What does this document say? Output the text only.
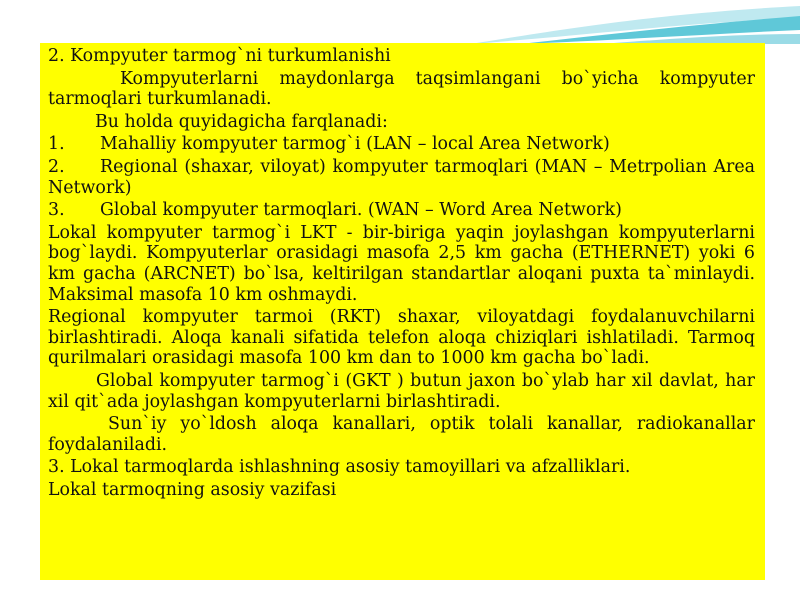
2. Kompyuter tarmog`ni turkumlanishi

Kompyuterlarni maydonlarga taqsimlangani bo`yicha kompyuter tarmoqlari turkumlanadi.

Bu holda quyidagicha farqlanadi:

1. Mahalliy kompyuter tarmog`i (LAN – local Area Network)

2. Regional (shaxar, viloyat) kompyuter tarmoqlari (MAN – Metrpolian Area Network)

3. Global kompyuter tarmoqlari. (WAN – Word Area Network)

Lokal kompyuter tarmog`i LKT - bir-biriga yaqin joylashgan kompyuterlarni bog`laydi. Kompyuterlar orasidagi masofa 2,5 km gacha (ETHERNET) yoki 6 km gacha (ARCNET) bo`lsa, keltirilgan standartlar aloqani puxta ta`minlaydi. Maksimal masofa 10 km oshmaydi.

Regional kompyuter tarmoi (RKT) shaxar, viloyatdagi foydalanuvchilarni birlashtiradi. Aloqa kanali sifatida telefon aloqa chiziqlari ishlatiladi. Tarmoq qurilmalari orasidagi masofa 100 km dan to 1000 km gacha bo`ladi.

Global kompyuter tarmog`i (GKT ) butun jaxon bo`ylab har xil davlat, har xil qit`ada joylashgan kompyuterlarni birlashtiradi.

Sun`iy yo`ldosh aloqa kanallari, optik tolali kanallar, radiokanallar foydalaniladi.

3. Lokal tarmoqlarda ishlashning asosiy tamoyillari va afzalliklari.

Lokal tarmoqning asosiy vazifasi
